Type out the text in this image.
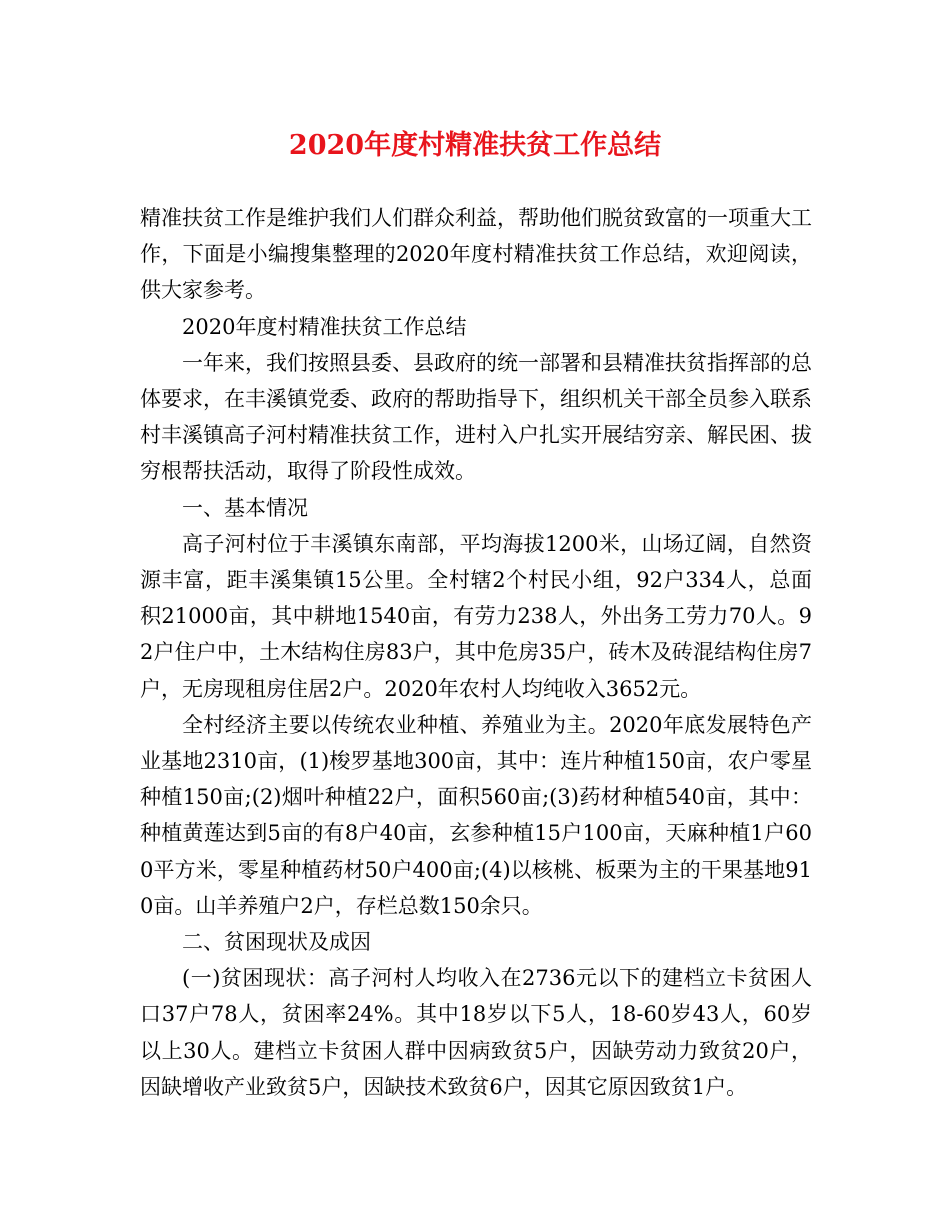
2020年度村精准扶贫工作总结

精准扶贫工作是维护我们人们群众利益，帮助他们脱贫致富的一项重大工作，下面是小编搜集整理的2020年度村精准扶贫工作总结，欢迎阅读，供大家参考。

2020年度村精准扶贫工作总结

一年来，我们按照县委、县政府的统一部署和县精准扶贫指挥部的总体要求，在丰溪镇党委、政府的帮助指导下，组织机关干部全员参入联系村丰溪镇高子河村精准扶贫工作，进村入户扎实开展结穷亲、解民困、拔穷根帮扶活动，取得了阶段性成效。

一、基本情况

高子河村位于丰溪镇东南部，平均海拔1200米，山场辽阔，自然资源丰富，距丰溪集镇15公里。全村辖2个村民小组，92户334人，总面积21000亩，其中耕地1540亩，有劳力238人，外出务工劳力70人。92户住户中，土木结构住房83户，其中危房35户，砖木及砖混结构住房7户，无房现租房住居2户。2020年农村人均纯收入3652元。

全村经济主要以传统农业种植、养殖业为主。2020年底发展特色产业基地2310亩，(1)梭罗基地300亩，其中：连片种植150亩，农户零星种植150亩;(2)烟叶种植22户，面积560亩;(3)药材种植540亩，其中：种植黄莲达到5亩的有8户40亩，玄参种植15户100亩，天麻种植1户600平方米，零星种植药材50户400亩;(4)以核桃、板栗为主的干果基地910亩。山羊养殖户2户，存栏总数150余只。

二、贫困现状及成因

(一)贫困现状：高子河村人均收入在2736元以下的建档立卡贫困人口37户78人，贫困率24%。其中18岁以下5人，18-60岁43人，60岁以上30人。建档立卡贫困人群中因病致贫5户，因缺劳动力致贫20户，因缺增收产业致贫5户，因缺技术致贫6户，因其它原因致贫1户。
